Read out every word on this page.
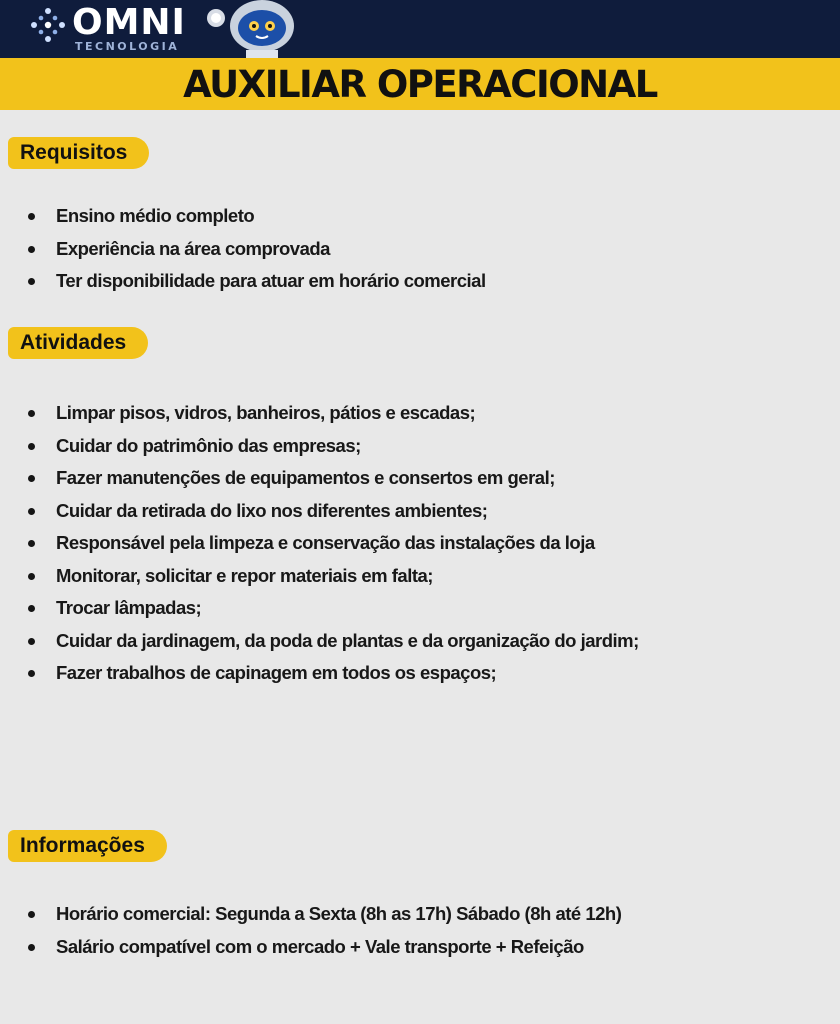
OMNI
TECNOLOGIA
AUXILIAR OPERACIONAL
Requisitos
Ensino médio completo
Experiência na área comprovada
Ter disponibilidade para atuar em horário comercial
Atividades
Limpar pisos, vidros, banheiros, pátios e escadas;
Cuidar do patrimônio das empresas;
Fazer manutenções de equipamentos e consertos em geral;
Cuidar da retirada do lixo nos diferentes ambientes;
Responsável pela limpeza e conservação das instalações da loja
Monitorar, solicitar e repor materiais em falta;
Trocar lâmpadas;
Cuidar da jardinagem, da poda de plantas e da organização do jardim;
Fazer trabalhos de capinagem em todos os espaços;
Informações
Horário comercial: Segunda a Sexta (8h as 17h) Sábado (8h até 12h)
Salário compatível com o mercado + Vale transporte + Refeição
